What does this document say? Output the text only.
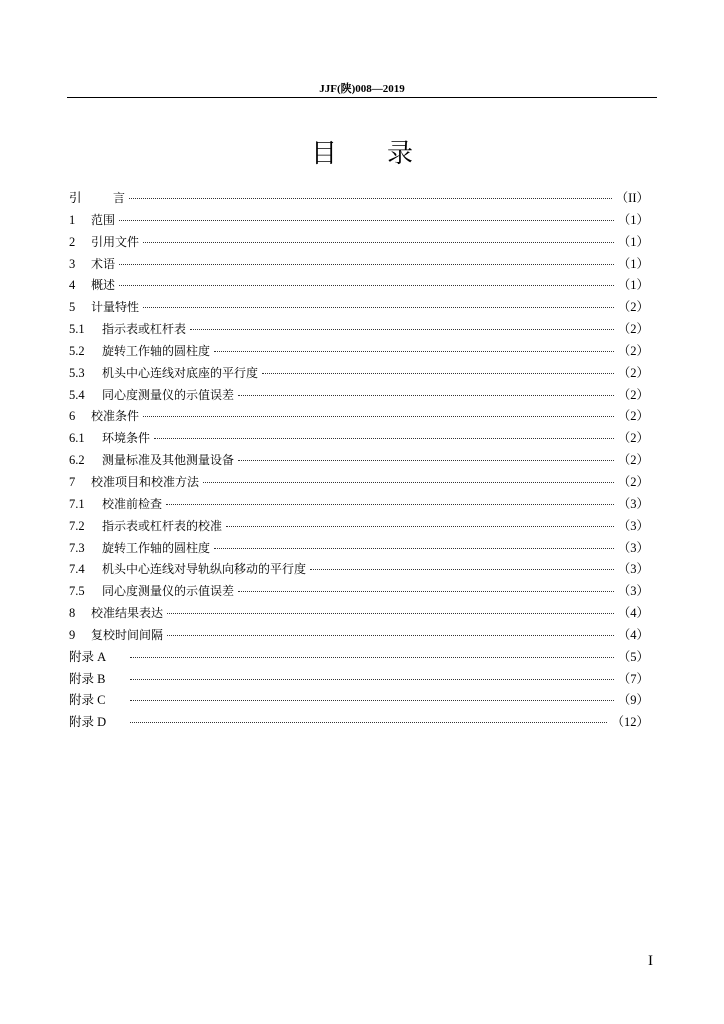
JJF(陕)008—2019
目录
引	言	（II）
1	范围	（1）
2	引用文件	（1）
3	术语	（1）
4	概述	（1）
5	计量特性	（2）
5.1	指示表或杠杆表	（2）
5.2	旋转工作轴的圆柱度	（2）
5.3	机头中心连线对底座的平行度	（2）
5.4	同心度测量仪的示值误差	（2）
6	校准条件	（2）
6.1	环境条件	（2）
6.2	测量标准及其他测量设备	（2）
7	校准项目和校准方法	（2）
7.1	校准前检查	（3）
7.2	指示表或杠杆表的校准	（3）
7.3	旋转工作轴的圆柱度	（3）
7.4	机头中心连线对导轨纵向移动的平行度	（3）
7.5	同心度测量仪的示值误差	（3）
8	校准结果表达	（4）
9	复校时间间隔	（4）
附录 A	（5）
附录 B	（7）
附录 C	（9）
附录 D	（12）
I
